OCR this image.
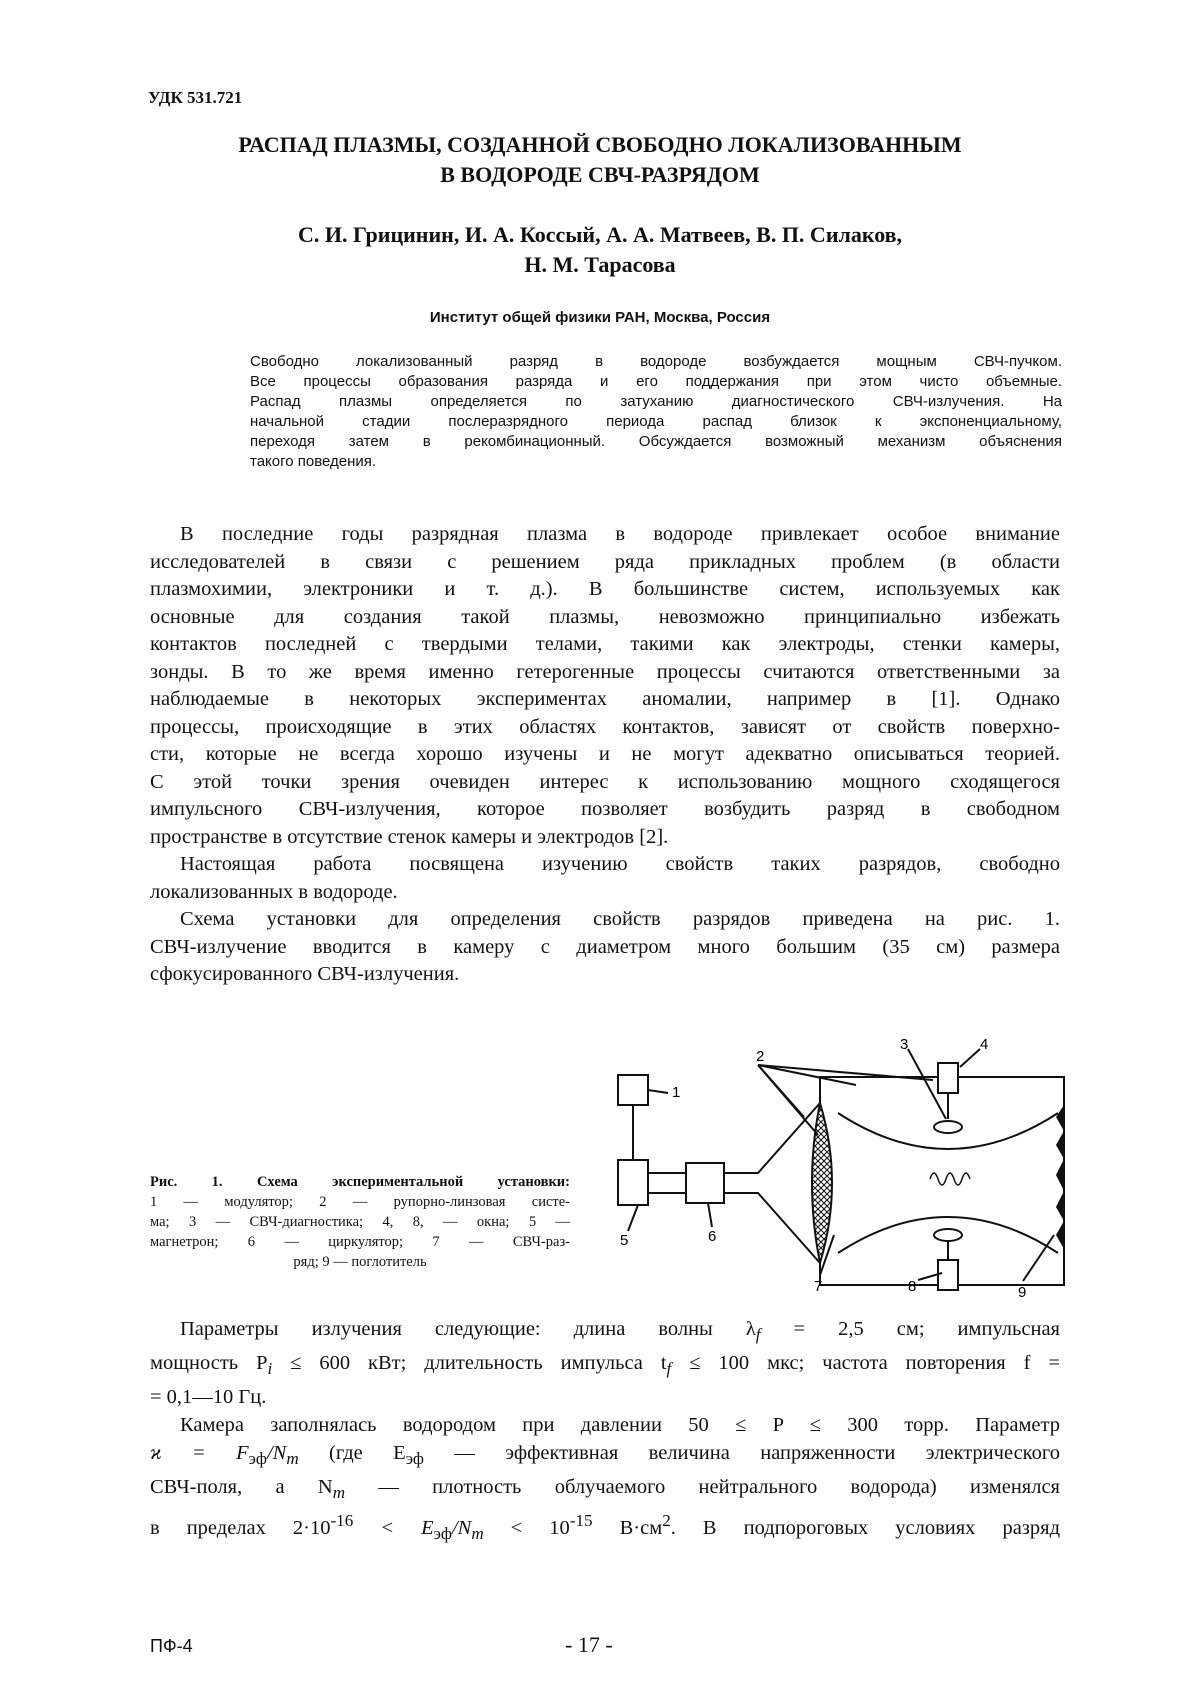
УДК 531.721
РАСПАД ПЛАЗМЫ, СОЗДАННОЙ СВОБОДНО ЛОКАЛИЗОВАННЫМ
В ВОДОРОДЕ СВЧ-РАЗРЯДОМ
С. И. Грицинин, И. А. Коссый, А. А. Матвеев, В. П. Силаков,
Н. М. Тарасова
Институт общей физики РАН, Москва, Россия
Свободно локализованный разряд в водороде возбуждается мощным СВЧ-пучком.
Все процессы образования разряда и его поддержания при этом чисто объемные.
Распад плазмы определяется по затуханию диагностического СВЧ-излучения. На
начальной стадии послеразрядного периода распад близок к экспоненциальному,
переходя затем в рекомбинационный. Обсуждается возможный механизм объяснения
такого поведения.
В последние годы разрядная плазма в водороде привлекает особое внимание
исследователей в связи с решением ряда прикладных проблем (в области
плазмохимии, электроники и т. д.). В большинстве систем, используемых как
основные для создания такой плазмы, невозможно принципиально избежать
контактов последней с твердыми телами, такими как электроды, стенки камеры,
зонды. В то же время именно гетерогенные процессы считаются ответственными за
наблюдаемые в некоторых экспериментах аномалии, например в [1]. Однако
процессы, происходящие в этих областях контактов, зависят от свойств поверхно-
сти, которые не всегда хорошо изучены и не могут адекватно описываться теорией.
С этой точки зрения очевиден интерес к использованию мощного сходящегося
импульсного СВЧ-излучения, которое позволяет возбудить разряд в свободном
пространстве в отсутствие стенок камеры и электродов [2].
Настоящая работа посвящена изучению свойств таких разрядов, свободно
локализованных в водороде.
Схема установки для определения свойств разрядов приведена на рис. 1.
СВЧ-излучение вводится в камеру с диаметром много большим (35 см) размера
сфокусированного СВЧ-излучения.
1
2
3	4
5	6
7	8	9
Рис. 1. Схема экспериментальной установки:
1 — модулятор; 2 — рупорно-линзовая систе-
ма; 3 — СВЧ-диагностика; 4, 8, — окна; 5 —
магнетрон; 6 — циркулятор; 7 — СВЧ-раз-
ряд; 9 — поглотитель
Параметры излучения следующие: длина волны $\lambda_f = 2,5$ см; импульсная
мощность $P_i \le 600$ кВт; длительность импульса $t_f \le 100$ мкс; частота повторения f =
= 0,1—10 Гц.
Камера заполнялась водородом при давлении 50 ≤ P ≤ 300 торр. Параметр
$ϰ = F_{эф}/N_m$ (где $E_{эф}$ — эффективная величина напряженности электрического
СВЧ-поля, а $N_m$ — плотность облучаемого нейтрального водорода) изменялся
в пределах $2\cdot 10^{-16} < E_{эф}/N_m < 10^{-15}$ $В\cdot см^2$. В подпороговых условиях разряд
ПФ-4	- 17 -
